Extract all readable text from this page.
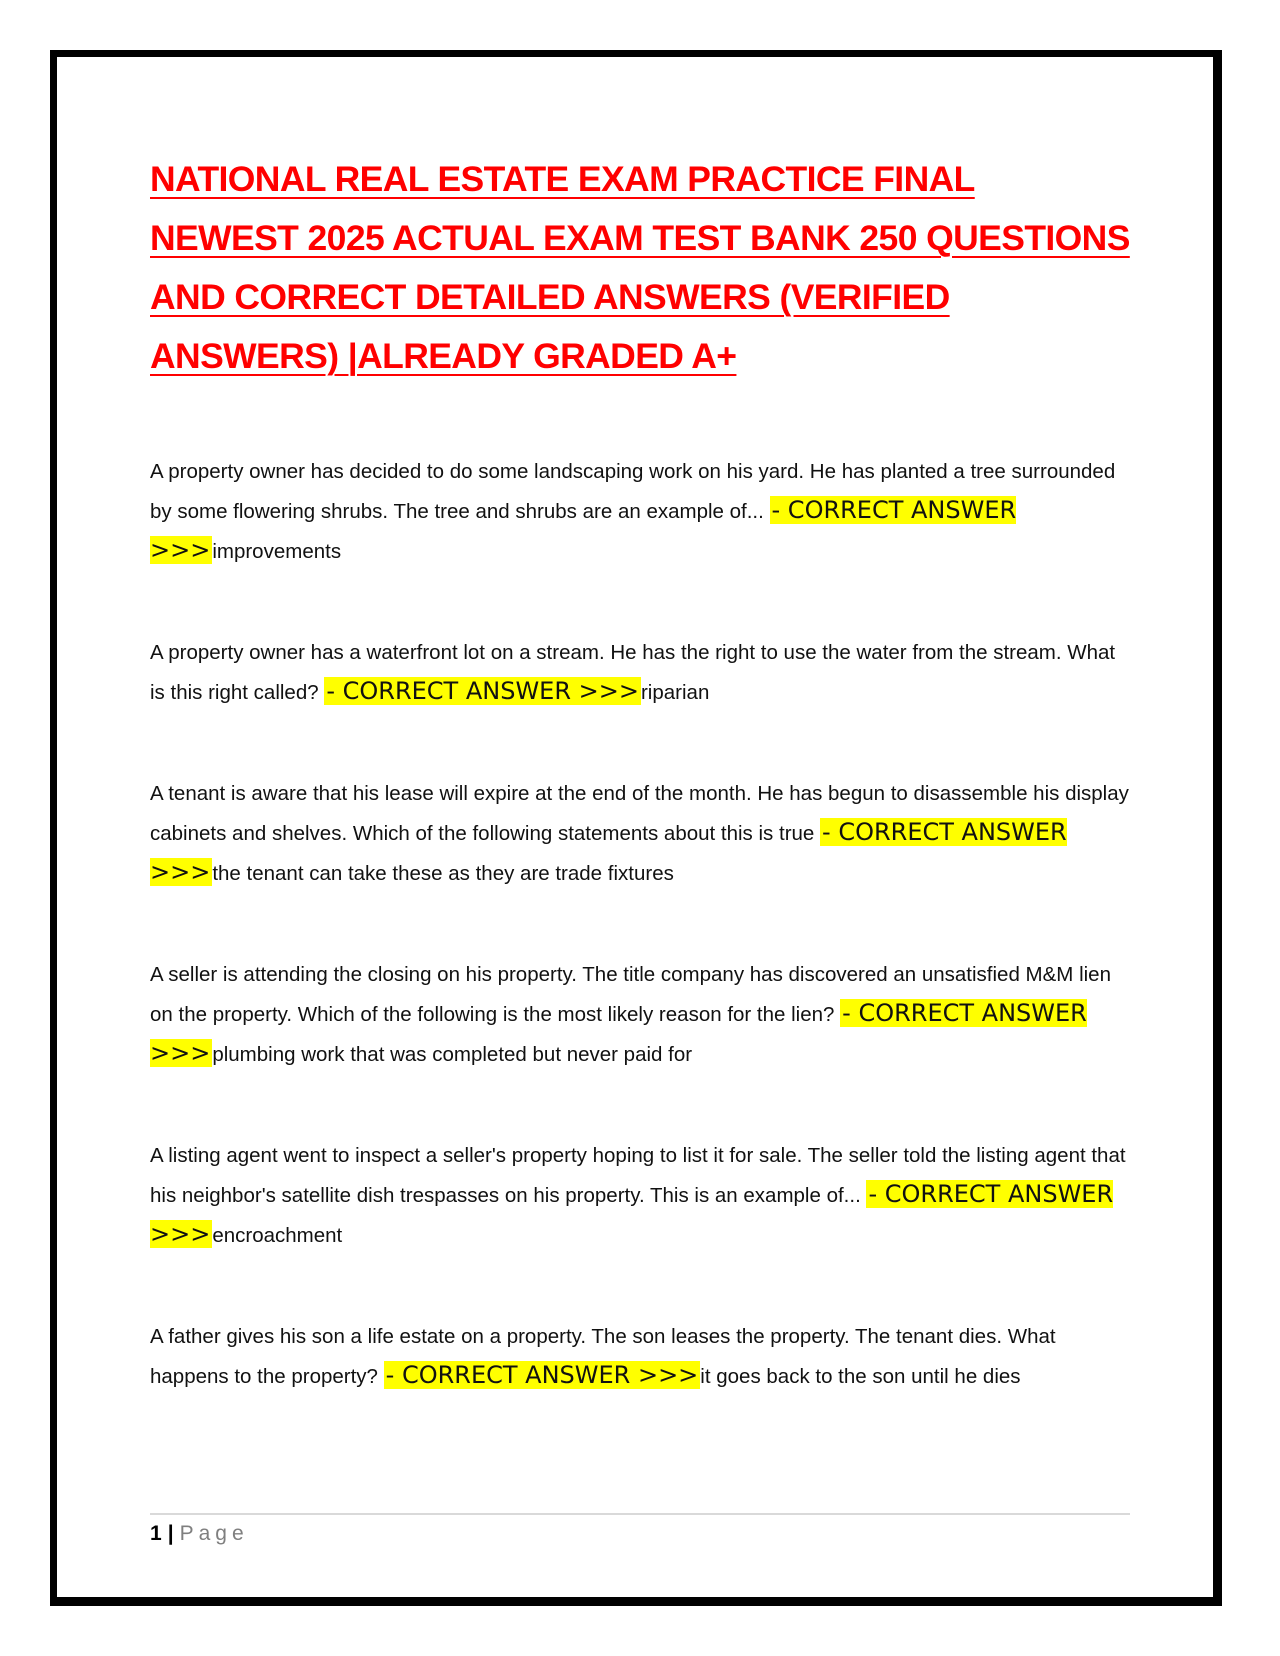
NATIONAL REAL ESTATE EXAM PRACTICE FINAL NEWEST 2025 ACTUAL EXAM TEST BANK 250 QUESTIONS AND CORRECT DETAILED ANSWERS (VERIFIED ANSWERS) |ALREADY GRADED A+

A property owner has decided to do some landscaping work on his yard. He has planted a tree surrounded by some flowering shrubs. The tree and shrubs are an example of... - CORRECT ANSWER >>>improvements

A property owner has a waterfront lot on a stream. He has the right to use the water from the stream. What is this right called? - CORRECT ANSWER >>>riparian

A tenant is aware that his lease will expire at the end of the month. He has begun to disassemble his display cabinets and shelves. Which of the following statements about this is true - CORRECT ANSWER >>>the tenant can take these as they are trade fixtures

A seller is attending the closing on his property. The title company has discovered an unsatisfied M&M lien on the property. Which of the following is the most likely reason for the lien? - CORRECT ANSWER >>>plumbing work that was completed but never paid for

A listing agent went to inspect a seller's property hoping to list it for sale. The seller told the listing agent that his neighbor's satellite dish trespasses on his property. This is an example of... - CORRECT ANSWER >>>encroachment

A father gives his son a life estate on a property. The son leases the property. The tenant dies. What happens to the property? - CORRECT ANSWER >>>it goes back to the son until he dies

1 | Page
